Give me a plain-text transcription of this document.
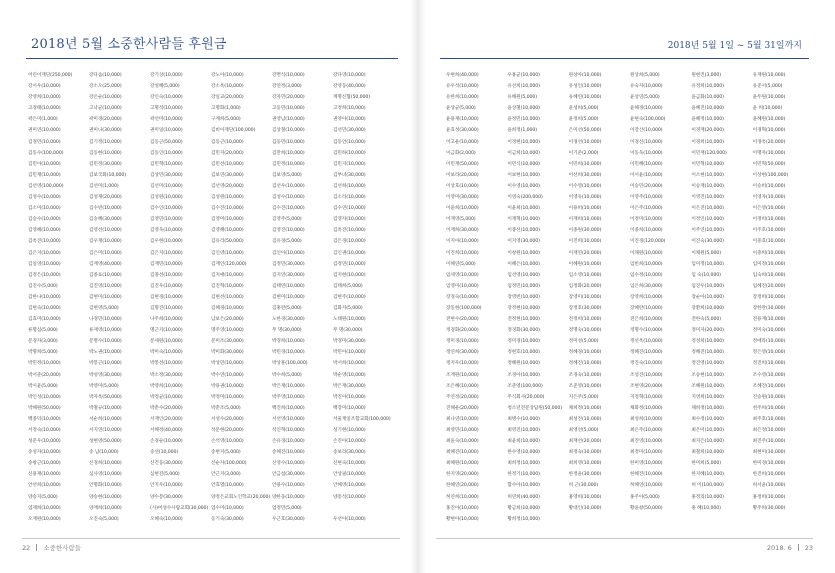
2018년 5월 소중한사람들 후원금
어린이재단(250,000)	강다솜(10,000)	강기상(10,000)	강노아(10,000)	강면식(10,000)	강다영(10,000)
강서우(10,000)	강소오(25,000)	강성혜(5,000)	강소옥(10,000)	강연정(3,000)	강영동(40,000)
강영희(10,000)	강온순(10,000)	강인숙(10,000)	강일교(20,000)	강자민(20,000)	계명신협(50,000)
고경태(10,000)	고낙균(10,000)	고명석(10,000)	고명화(1,000)	고동민(10,000)	고정희(10,000)
곽은미(1,000)	곽미경(20,000)	곽선미(10,000)	구계희(5,000)	권영남(10,000)	권영아(10,000)
권미연(10,000)	권미나(30,000)	권미일(10,000)	김비아재단(100,000)	김상철(10,000)	김선민(30,000)
김경민(10,000)	김기정(10,000)	김동근(50,000)	김동근(10,000)	김동민(10,000)	김동언(10,000)
김동수(100,000)	김동현(10,000)	김동인(10,000)	김민지(20,000)	김만희(10,000)	김민하(10,000)
김민아(10,000)	김민정(30,000)	김민혁(10,000)	김민선(10,000)	김민정(10,000)	김민지(10,000)
김민재(10,000)	김보국화(10,000)	김상민(30,000)	김보연(30,000)	김보영(5,000)	김부녀(30,000)
김선영(100,000)	김선미(1,000)	김선미(10,000)	김선영(20,000)	김선우(10,000)	김선희(10,000)
김성수(10,000)	김성재(20,000)	김성원(10,000)	김성원(10,000)	김성수(10,000)	김소라(10,000)
김소미(10,000)	김수빈(10,000)	김수인(10,000)	김수진(10,000)	김수진(10,000)	김수연(10,000)
김승수(10,000)	김승혜(30,000)	김영민(10,000)	김영미(10,000)	김영주(5,000)	김영자(10,000)
김영혜(10,000)	김영선(10,000)	김영욱(10,000)	김영혜(10,000)	김영진(10,000)	김옥진(10,000)
김옥진(10,000)	김우재(10,000)	김우현(10,000)	김유리(50,000)	김유경(5,000)	김은경(10,000)
김은지(10,000)	김은미(10,000)	김은지(10,000)	김인영(10,000)	김인아(10,000)	김인권(10,000)
김일영(10,000)	김재영(40,000)	김재민(10,000)	김재인(120,000)	김정민(30,000)	김정연(10,000)
김정은(10,000)	김종표(10,000)	김종선(10,000)	김지애(10,000)	김지연(30,000)	김지현(10,000)
김진수(5,000)	김진영(10,000)	김진우(10,000)	김진혁(10,000)	김태연(10,000)	김태희(5,000)
김한나(10,000)	김현미(10,000)	김현경(10,000)	김현선(10,000)	김현미(10,000)	김현주(10,000)
김현숙(10,000)	김현영(5,000)	김형진(10,000)	김혜경(10,000)	김홍란(5,000)	김화자(5,000)
김효미(10,000)	나경민(10,000)	나주희(10,000)	남보은(20,000)	노한경(30,000)	노태원(10,000)
류명심(5,000)	류재영(10,000)	명근지(10,000)	명주영(10,000)	무 명(30,000)	무 명(30,000)
문경자(3,000)	문명수(10,000)	문세원(10,000)	문미조(30,000)	박경희(10,000)	박경미(30,000)
박명희(5,000)	박노권(10,000)	박미숙(10,000)	박미화(30,000)	박민경(10,000)	박민아(10,000)
박민정(10,000)	박봉근(10,000)	박봉선(10,000)	박상민(10,000)	박상훈(100,000)	박서희(10,000)
박서준(20,000)	박성영(30,000)	박소정(30,000)	박수연(10,000)	박수희(5,000)	박순영(10,000)
박시윤(5,000)	박영미(5,000)	박영희(10,000)	박용권(10,000)	박은재(10,000)	박은재(30,000)
박인성(10,000)	박자옥(50,000)	박정균(10,000)	박정미(10,000)	박주영(10,000)	박진아(10,000)
박해원(50,000)	박철규(10,000)	박춘수(20,000)	박춘조(5,000)	백진희(10,000)	백장미(10,000)
백종덕(10,000)	서순희(10,000)	서재인(20,000)	서성수(20,000)	서선영(10,000)	서울재일조합교회(100,000)
서정숙(10,000)	서지연(10,000)	서해정(40,000)	석문현(20,000)	석인혁(10,000)	성기현(10,000)
성준우(10,000)	성현영(50,000)	손경순(10,000)	손석영(10,000)	손유경(10,000)	손진아(10,000)
송성자(10,000)	송 남(10,000)	송선(10,000)	송현지(5,000)	송해진(10,000)	송보라(30,000)
송창근(10,000)	신경희(10,000)	신건웅(30,000)	신순자(100,000)	신영수(10,000)	신현숙(10,000)
신용재(10,000)	심사영(10,000)	심현진(5,000)	안근지(3,000)	안금섭(30,000)	안상필(10,000)
안선희(10,000)	안명화(10,000)	안지우(10,000)	안효열(10,000)	안용수(10,000)	안혜영(10,000)
양승지(5,000)	양승현(10,000)	양수봉(30,000)	양정은교회노인학교(20,000) 양한웅(10,000)	양흥석(10,000)
엄재희(10,000)	양재희(10,000)	(사)여성수사람교회(30,000) 엄수미(10,000)	엄정민(5,000)
오재원(10,000)	오진숙(5,000)	오혜숙(10,000)	옹기숙(30,000)	우근호(30,000)	우선아(10,000)
22 소중한사람들
2018년 5월 1일 ~ 5월 31일까지
우현희(40,000)	우홍균(10,000)	원상아(10,000)	원상희(5,000)	원현진(3,000)	유재원(10,000)
유우석(10,000)	유선희(10,000)	유성인(10,000)	유숙자(10,000)	유정희(10,000)	유준서(5,000)
유한희(10,000)	유해원(5,000)	유혜연(10,000)	윤성연(5,000)	윤금화(10,000)	윤두원(10,000)
윤상균(5,000)	윤상철(10,000)	윤성희(5,000)	윤혜경(10,000)	윤혜진(10,000)	윤 희(10,000)
윤용재(10,000)	윤정민(10,000)	윤정희(5,000)	윤현숙(100,000)	윤혜정(10,000)	윤혜원(10,000)
윤효성(30,000)	윤희정(1,000)	은미선(50,000)	이강산(10,000)	이경재(20,000)	이경혁(10,000)
이고운(10,000)	이경현(10,000)	이경선(10,000)	이경신(10,000)	이경희(10,000)	이경옥(20,000)
이금화(2,000)	이금희(10,000)	이기준(2,000)	이동욱(10,000)	이민재(120,000)	이명자(10,000)
이민재(50,000)	이민식(10,000)	이민희(10,000)	이민혜(10,000)	이민혁(10,000)	이민혁(50,000)
이보라(20,000)	이보현(10,000)	이선희(30,000)	이서윤(10,000)	이소현(10,000)	이상현(100,000)
이상호(10,000)	이수영(10,000)	이수영(10,000)	이승민(20,000)	이승재(10,000)	이승희(10,000)
이영미(30,000)	이영숙(200,000)	이영유(10,000)	이영주(10,000)	이영진(10,000)	이영자(10,000)
이윤희(10,000)	이윤희(10,000)	이용희(10,000)	이은주(10,000)	이은진(10,000)	이은영(10,000)
이재영(5,000)	이재혁(10,000)	이재희(10,000)	이정미(10,000)	이정인(10,000)	이정희(10,000)
이재희(30,000)	이종선(10,000)	이종원(30,000)	이종희(10,000)	이주연(10,000)	이주호(10,000)
이지아(10,000)	이지영(30,000)	이진희(10,000)	이진경(120,000)	이진숙(30,000)	이중호(10,000)
이진희(10,000)	이창원(10,000)	이재연(20,000)	이채원(10,000)	이채원(5,000)	이충희(10,000)
이해연(5,000)	이혜은(10,000)	이혜원(10,000)	임빈희(10,000)	임미정(10,000)	임미정(10,000)
임세영(10,000)	임선영(10,000)	임소영(10,000)	임수정(10,000)	임 숙(10,000)	임숙희(10,000)
임영미(10,000)	임정민(10,000)	임정화(20,000)	임은희(30,000)	임진우(10,000)	임혜진(20,000)
장경숙(10,000)	장영빈(10,000)	장영미(10,000)	장영희(10,000)	장순아(10,000)	장정희(10,000)
장동현(100,000)	장정현(10,000)	장정호(30,000)	장혜란(10,000)	장환희(10,000)	장한란(10,000)
전현수(20,000)	전정현(10,000)	전정희(10,000)	전은희(10,000)	전한숙(5,000)	전용재(10,000)
정경화(20,000)	정경화(30,000)	정명숙(10,000)	정명수(10,000)	정미자(20,000)	정미숙(10,000)
정미경(10,000)	정미경(10,000)	정미성(5,000)	정선옥(10,000)	정성희(10,000)	정애라(10,000)
정연희(30,000)	정현호(10,000)	정혜경(10,000)	정혜진(10,000)	정해진(10,000)	정은영(10,000)
정지우(10,000)	정혜원(10,000)	정혜진(10,000)	정진숙(10,000)	정진영(10,000)	정진희(10,000)
조계원(10,000)	조경아(10,000)	조경숙(10,000)	조성진(10,000)	조승현(10,000)	조수영(10,000)
조은혜(10,000)	조준영(100,000)	조준영(10,000)	조현영(20,000)	조혜원(10,000)	조혜진(10,000)
주연정(20,000)	주식회사(20,000)	지은주(5,000)	지정혁(10,000)	지영희(10,000)	진승원(10,000)
진해운(20,000)	청소년전문상담원(50,000)	채희정(10,000)	채화정(10,000)	채희정(10,000)	천주희(10,000)
최나연(10,000)	최병수(10,000)	최성진(10,000)	최성희(10,000)	최수정(10,000)	최주호(10,000)
최영민(10,000)	최영진(10,000)	최영선(5,000)	최은주(10,000)	최은미(10,000)	최은정(10,000)
최윤숙(10,000)	최윤희(10,000)	최재선(20,000)	최진영(10,000)	최지은(10,000)	최진주(10,000)
최혜진(10,000)	한수영(10,000)	최정숙(10,000)	최정미(10,000)	최철희(10,000)	최현미(10,000)
최혜원(10,000)	최희정(10,000)	최희영(10,000)	한미영(10,000)	한미희(5,000)	한미경(10,000)
한지영(20,000)	한정기(10,000)	한정윤(30,000)	한혜진(10,000)	한지혜(10,000)	한진희(10,000)
한혜연(20,000)	함수아(10,000)	허 근(30,000)	허혜연(10,000)	허 이(100,000)	허서윤(10,000)
허연희(10,000)	허연희(40,000)	홍영희(10,000)	홍주아(5,000)	홍정의(10,000)	홍정희(10,000)
홍진아(10,000)	황금희(10,000)	황대인(10,000)	황윤창(50,000)	홍 혜(10,000)	황주희(30,000)
황현아(10,000)	황희정(10,000)
2018. 6 23
